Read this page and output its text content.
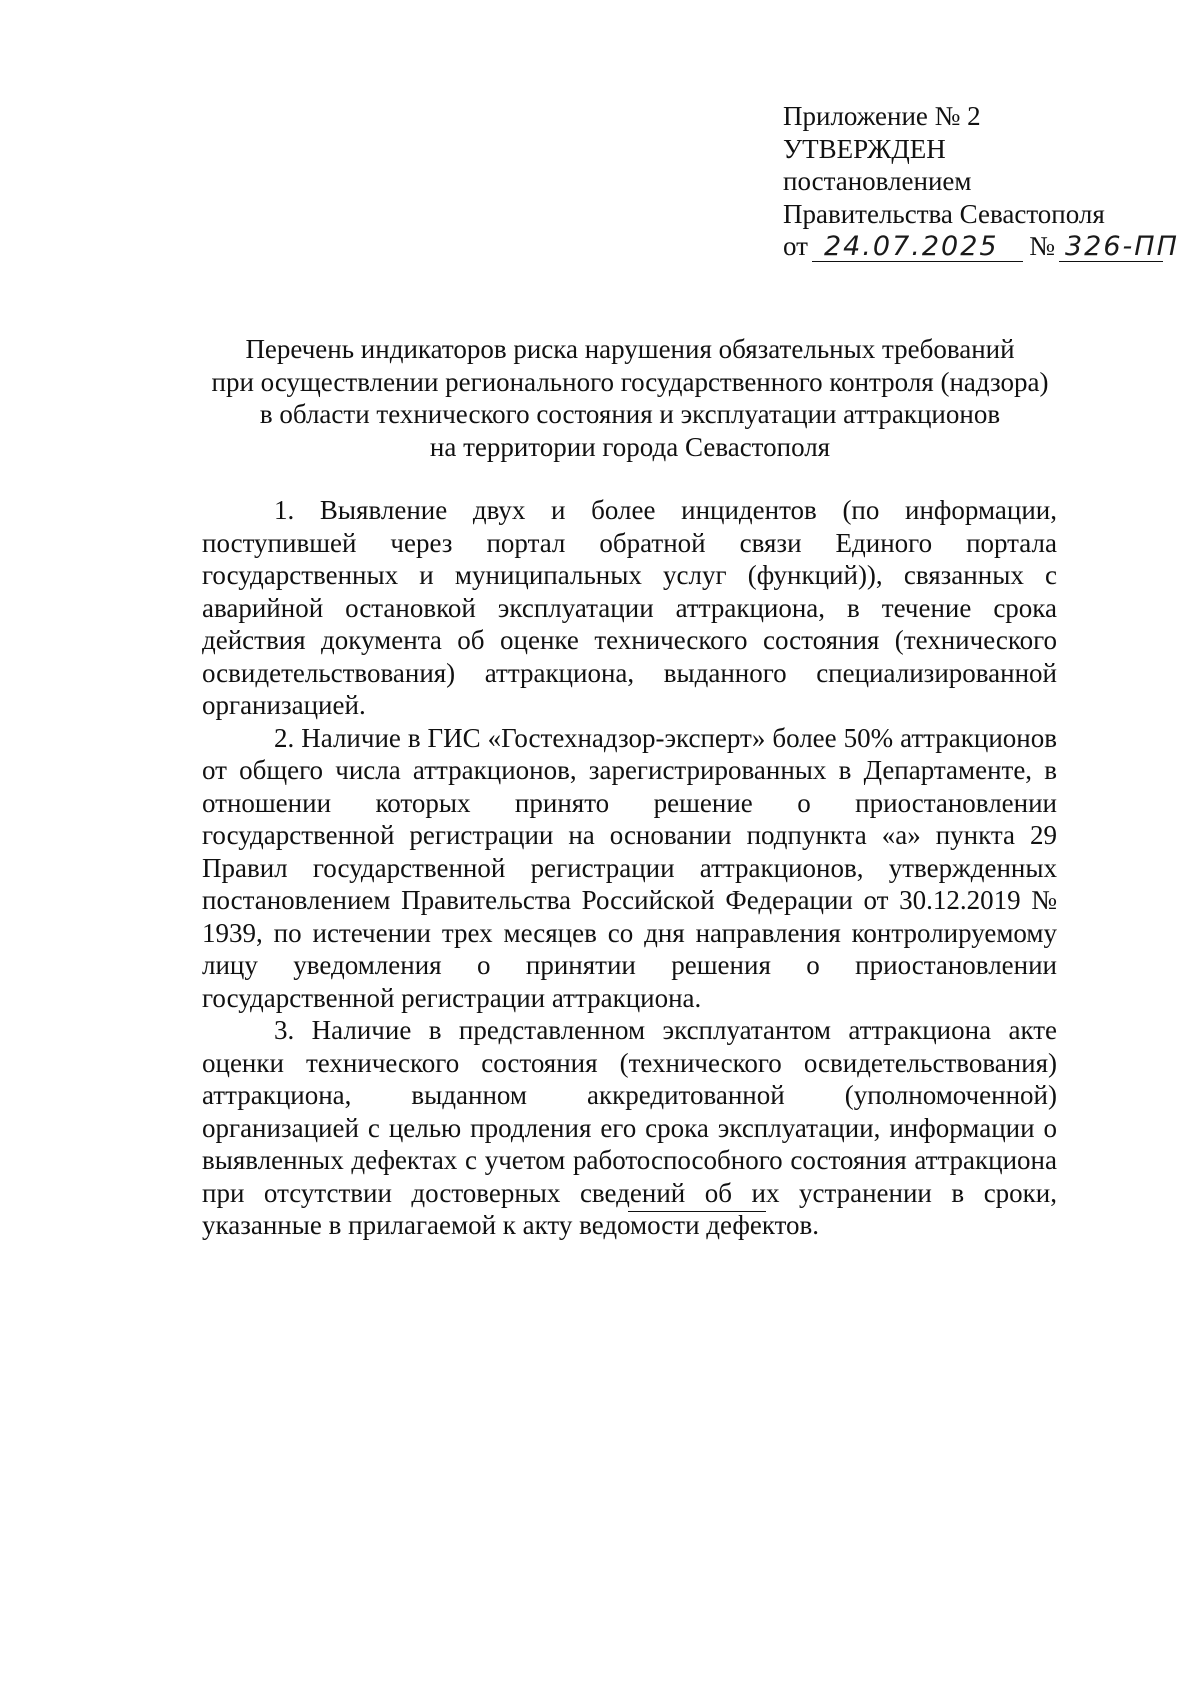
Приложение № 2
УТВЕРЖДЕН
постановлением
Правительства Севастополя
от 24.07.2025	№ 326-ПП
Перечень индикаторов риска нарушения обязательных требований
при осуществлении регионального государственного контроля (надзора)
в области технического состояния и эксплуатации аттракционов
на территории города Севастополя

1. Выявление двух и более инцидентов (по информации, поступившей через портал обратной связи Единого портала государственных и муниципальных услуг (функций)), связанных с аварийной остановкой эксплуатации аттракциона, в течение срока действия документа об оценке технического состояния (технического освидетельствования) аттракциона, выданного специализированной организацией.

2. Наличие в ГИС «Гостехнадзор-эксперт» более 50% аттракционов от общего числа аттракционов, зарегистрированных в Департаменте, в отношении которых принято решение о приостановлении государственной регистрации на основании подпункта «а» пункта 29 Правил государственной регистрации аттракционов, утвержденных постановлением Правительства Российской Федерации от 30.12.2019 № 1939, по истечении трех месяцев со дня направления контролируемому лицу уведомления о принятии решения о приостановлении государственной регистрации аттракциона.

3. Наличие в представленном эксплуатантом аттракциона акте оценки технического состояния (технического освидетельствования) аттракциона, выданном аккредитованной (уполномоченной) организацией с целью продления его срока эксплуатации, информации о выявленных дефектах с учетом работоспособного состояния аттракциона при отсутствии достоверных сведений об их устранении в сроки, указанные в прилагаемой к акту ведомости дефектов.
